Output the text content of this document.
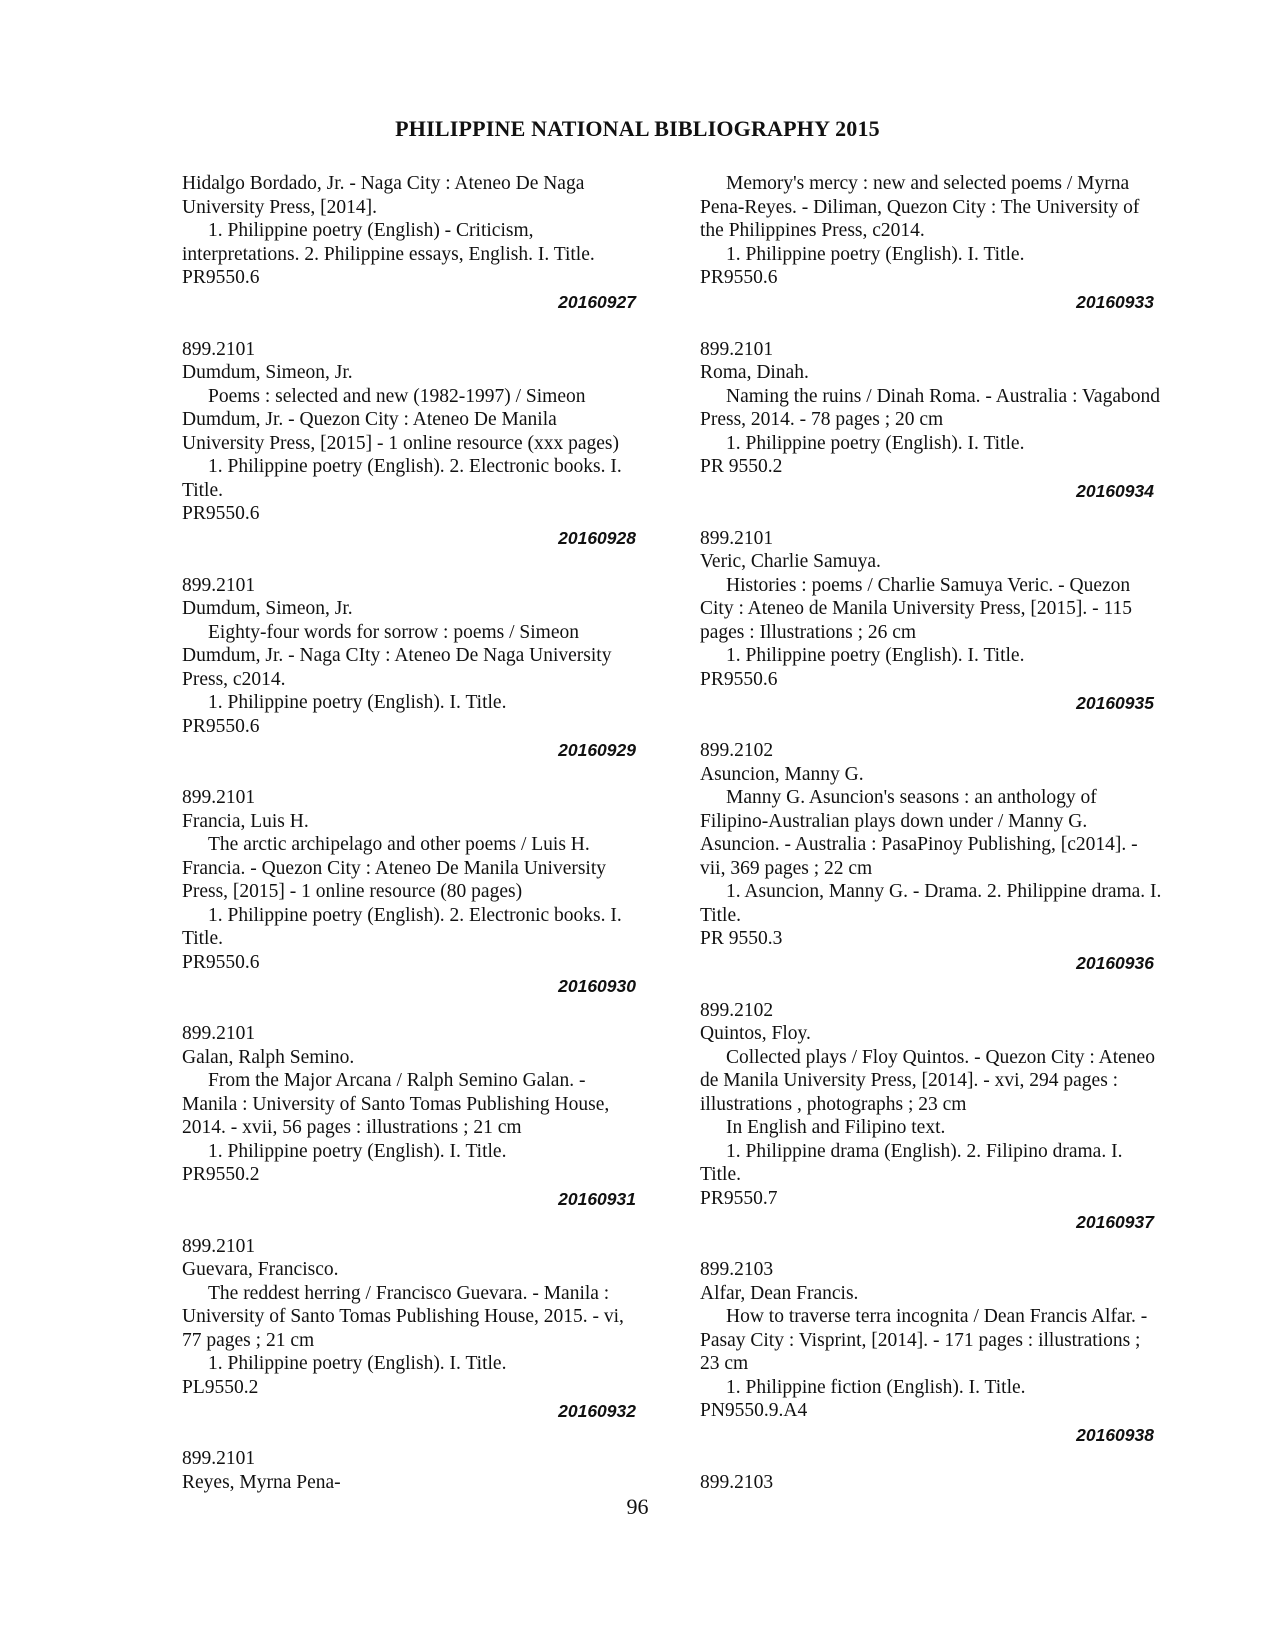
PHILIPPINE NATIONAL BIBLIOGRAPHY 2015
Hidalgo Bordado, Jr. - Naga City : Ateneo De Naga
University Press, [2014].
1. Philippine poetry (English) - Criticism,
interpretations. 2. Philippine essays, English. I. Title.
PR9550.6
20160927
899.2101
Dumdum, Simeon, Jr.
Poems : selected and new (1982-1997) / Simeon
Dumdum, Jr. - Quezon City : Ateneo De Manila
University Press, [2015] - 1 online resource (xxx pages)
1. Philippine poetry (English). 2. Electronic books. I.
Title.
PR9550.6
20160928
899.2101
Dumdum, Simeon, Jr.
Eighty-four words for sorrow : poems / Simeon
Dumdum, Jr. - Naga CIty : Ateneo De Naga University
Press, c2014.
1. Philippine poetry (English). I. Title.
PR9550.6
20160929
899.2101
Francia, Luis H.
The arctic archipelago and other poems / Luis H.
Francia. - Quezon City : Ateneo De Manila University
Press, [2015] - 1 online resource (80 pages)
1. Philippine poetry (English). 2. Electronic books. I.
Title.
PR9550.6
20160930
899.2101
Galan, Ralph Semino.
From the Major Arcana / Ralph Semino Galan. -
Manila : University of Santo Tomas Publishing House,
2014. - xvii, 56 pages : illustrations ; 21 cm
1. Philippine poetry (English). I. Title.
PR9550.2
20160931
899.2101
Guevara, Francisco.
The reddest herring / Francisco Guevara. - Manila :
University of Santo Tomas Publishing House, 2015. - vi,
77 pages ; 21 cm
1. Philippine poetry (English). I. Title.
PL9550.2
20160932
899.2101
Reyes, Myrna Pena-
Memory's mercy : new and selected poems / Myrna
Pena-Reyes. - Diliman, Quezon City : The University of
the Philippines Press, c2014.
1. Philippine poetry (English). I. Title.
PR9550.6
20160933
899.2101
Roma, Dinah.
Naming the ruins / Dinah Roma. - Australia : Vagabond
Press, 2014. - 78 pages ; 20 cm
1. Philippine poetry (English). I. Title.
PR 9550.2
20160934
899.2101
Veric, Charlie Samuya.
Histories : poems / Charlie Samuya Veric. - Quezon
City : Ateneo de Manila University Press, [2015]. - 115
pages : Illustrations ; 26 cm
1. Philippine poetry (English). I. Title.
PR9550.6
20160935
899.2102
Asuncion, Manny G.
Manny G. Asuncion's seasons : an anthology of
Filipino-Australian plays down under / Manny G.
Asuncion. - Australia : PasaPinoy Publishing, [c2014]. -
vii, 369 pages ; 22 cm
1. Asuncion, Manny G. - Drama. 2. Philippine drama. I.
Title.
PR 9550.3
20160936
899.2102
Quintos, Floy.
Collected plays / Floy Quintos. - Quezon City : Ateneo
de Manila University Press, [2014]. - xvi, 294 pages :
illustrations , photographs ; 23 cm
In English and Filipino text.
1. Philippine drama (English). 2. Filipino drama. I.
Title.
PR9550.7
20160937
899.2103
Alfar, Dean Francis.
How to traverse terra incognita / Dean Francis Alfar. -
Pasay City : Visprint, [2014]. - 171 pages : illustrations ;
23 cm
1. Philippine fiction (English). I. Title.
PN9550.9.A4
20160938
899.2103
96
